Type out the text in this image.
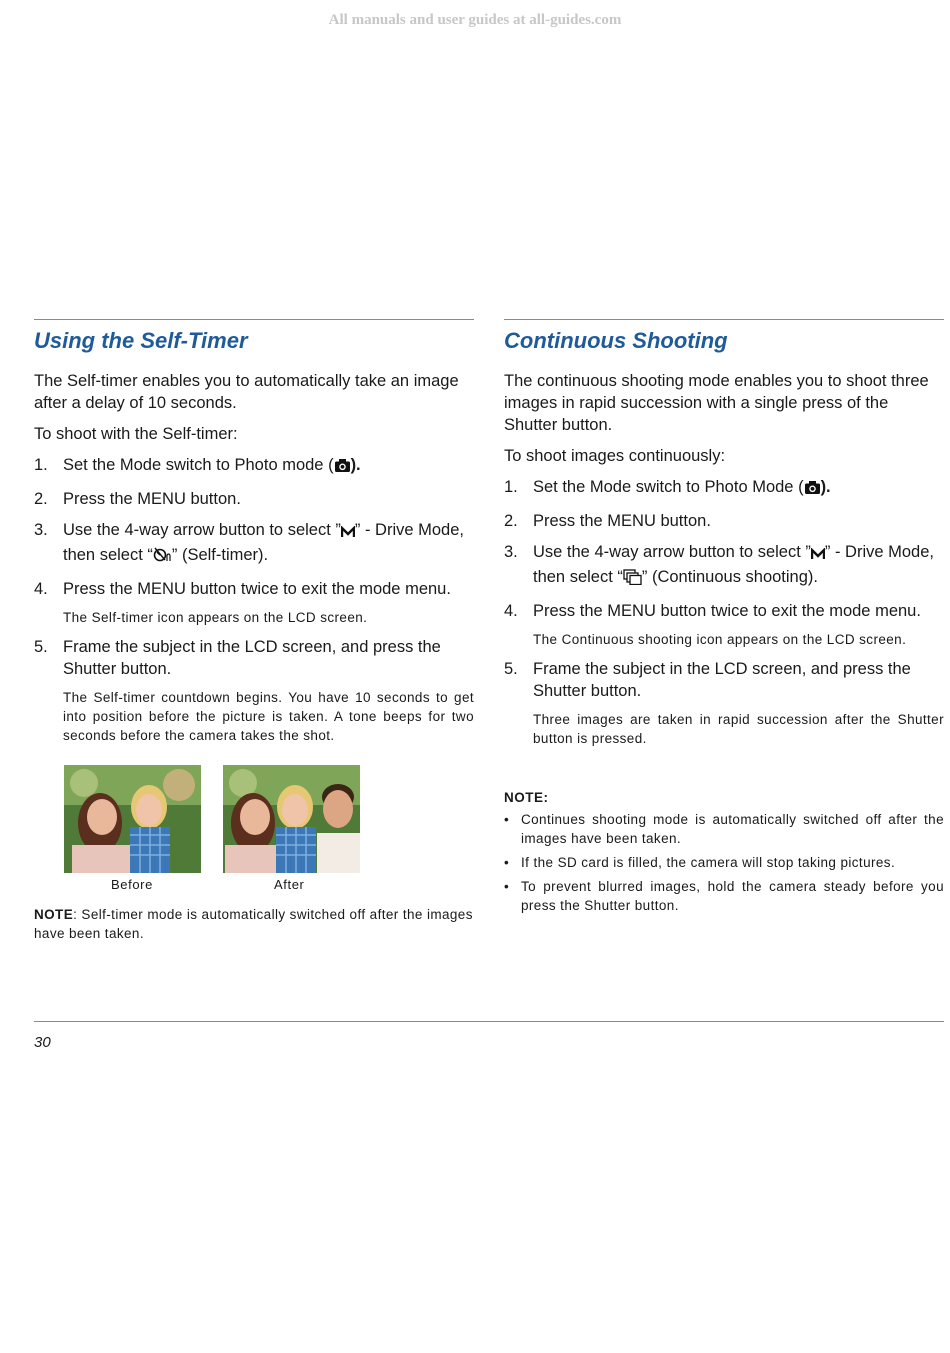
All manuals and user guides at all-guides.com
Using the Self-Timer

The Self-timer enables you to automatically take an image after a delay of 10 seconds.

To shoot with the Self-timer:

1. Set the Mode switch to Photo mode ( ).
2. Press the MENU button.
3. Use the 4-way arrow button to select ” ” - Drive Mode, then select “ ” (Self-timer).
4. Press the MENU button twice to exit the mode menu.

The Self-timer icon appears on the LCD screen.

5. Frame the subject in the LCD screen, and press the Shutter button.

The Self-timer countdown begins. You have 10 seconds to get into position before the picture is taken. A tone beeps for two seconds before the camera takes the shot.

Before	After

NOTE: Self-timer mode is automatically switched off after the images have been taken.

Continuous Shooting

The continuous shooting mode enables you to shoot three images in rapid succession with a single press of the Shutter button.

To shoot images continuously:

1. Set the Mode switch to Photo Mode ( ).
2. Press the MENU button.
3. Use the 4-way arrow button to select ” ” - Drive Mode, then select “ ” (Continuous shooting).
4. Press the MENU button twice to exit the mode menu.

The Continuous shooting icon appears on the LCD screen.

5. Frame the subject in the LCD screen, and press the Shutter button.

Three images are taken in rapid succession after the Shutter button is pressed.

NOTE:

• Continues shooting mode is automatically switched off after the images have been taken.
• If the SD card is filled, the camera will stop taking pictures.
• To prevent blurred images, hold the camera steady before you press the Shutter button.
30
